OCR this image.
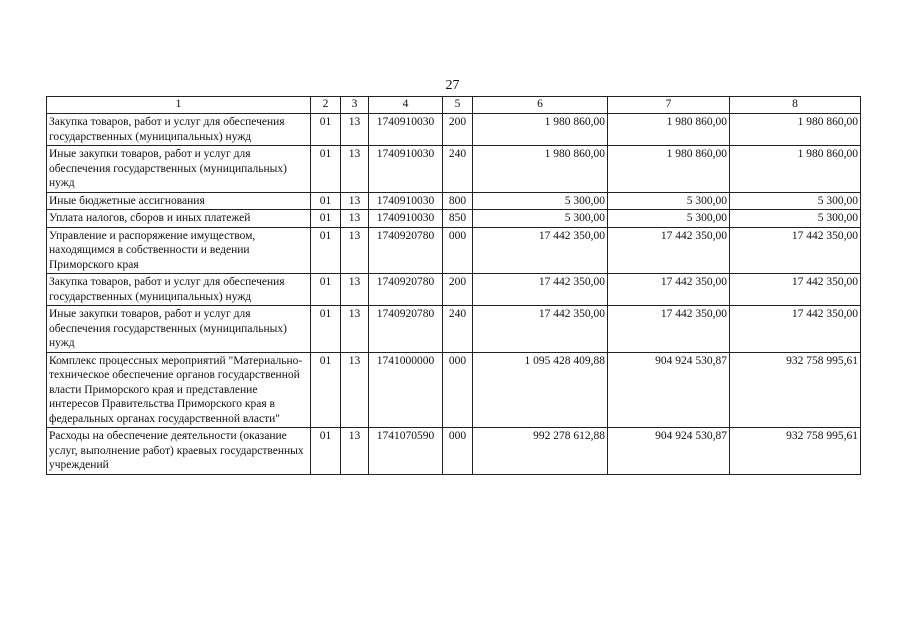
27
1	2	3	4	5	6	7	8
Закупка товаров, работ и услуг для обеспечения государственных (муниципальных) нужд	01	13	1740910030	200	1 980 860,00	1 980 860,00	1 980 860,00
Иные закупки товаров, работ и услуг для обеспечения государственных (муниципальных) нужд	01	13	1740910030	240	1 980 860,00	1 980 860,00	1 980 860,00
Иные бюджетные ассигнования	01	13	1740910030	800	5 300,00	5 300,00	5 300,00
Уплата налогов, сборов и иных платежей	01	13	1740910030	850	5 300,00	5 300,00	5 300,00
Управление и распоряжение имуществом, находящимся в собственности и ведении Приморского края	01	13	1740920780	000	17 442 350,00	17 442 350,00	17 442 350,00
Закупка товаров, работ и услуг для обеспечения государственных (муниципальных) нужд	01	13	1740920780	200	17 442 350,00	17 442 350,00	17 442 350,00
Иные закупки товаров, работ и услуг для обеспечения государственных (муниципальных) нужд	01	13	1740920780	240	17 442 350,00	17 442 350,00	17 442 350,00
Комплекс процессных мероприятий "Материально-техническое обеспечение органов государственной власти Приморского края и представление интересов Правительства Приморского края в федеральных органах государственной власти"	01	13	1741000000	000	1 095 428 409,88	904 924 530,87	932 758 995,61
Расходы на обеспечение деятельности (оказание услуг, выполнение работ) краевых государственных учреждений	01	13	1741070590	000	992 278 612,88	904 924 530,87	932 758 995,61
